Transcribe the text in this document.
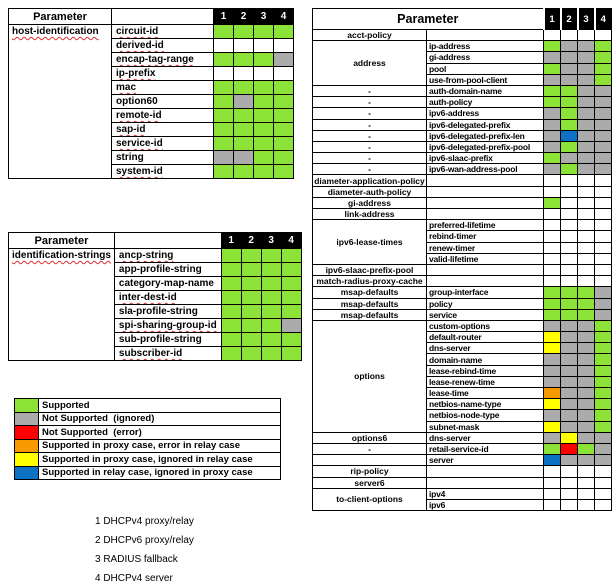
Parameter		1	2	3	4
host-identification	circuit-id				
	derived-id				
	encap-tag-range				
	ip-prefix				
	mac				
	option60				
	remote-id				
	sap-id				
	service-id				
	string				
	system-id				
Parameter		1	2	3	4
identification-strings	ancp-string				
	app-profile-string				
	category-map-name				
	inter-dest-id				
	sla-profile-string				
	spi-sharing-group-id				
	sub-profile-string				
	subscriber-id				
Parameter		1	2	3	4
acct-policy					
address	ip-address				
	gi-address				
	pool				
	use-from-pool-client				
-	auth-domain-name				
-	auth-policy				
-	ipv6-address				
-	ipv6-delegated-prefix				
-	ipv6-delegated-prefix-len				
-	ipv6-delegated-prefix-pool				
-	ipv6-slaac-prefix				
-	ipv6-wan-address-pool				
diameter-application-policy					
diameter-auth-policy					
gi-address					
link-address					
ipv6-lease-times	preferred-lifetime				
	rebind-timer				
	renew-timer				
	valid-lifetime				
ipv6-slaac-prefix-pool					
match-radius-proxy-cache					
msap-defaults	group-interface				
msap-defaults	policy				
msap-defaults	service				
options	custom-options				
	default-router				
	dns-server				
	domain-name				
	lease-rebind-time				
	lease-renew-time				
	lease-time				
	netbios-name-type				
	netbios-node-type				
	subnet-mask				
options6	dns-server				
-	retail-service-id				
	server				
rip-policy					
server6					
to-client-options	ipv4				
	ipv6				
	Supported
	Not Supported  (ignored)
	Not Supported  (error)
	Supported in proxy case, error in relay case
	Supported in proxy case, ignored in relay case
	Supported in relay case, ignored in proxy case
1 DHCPv4 proxy/relay
2 DHCPv6 proxy/relay
3 RADIUS fallback
4 DHCPv4 server
